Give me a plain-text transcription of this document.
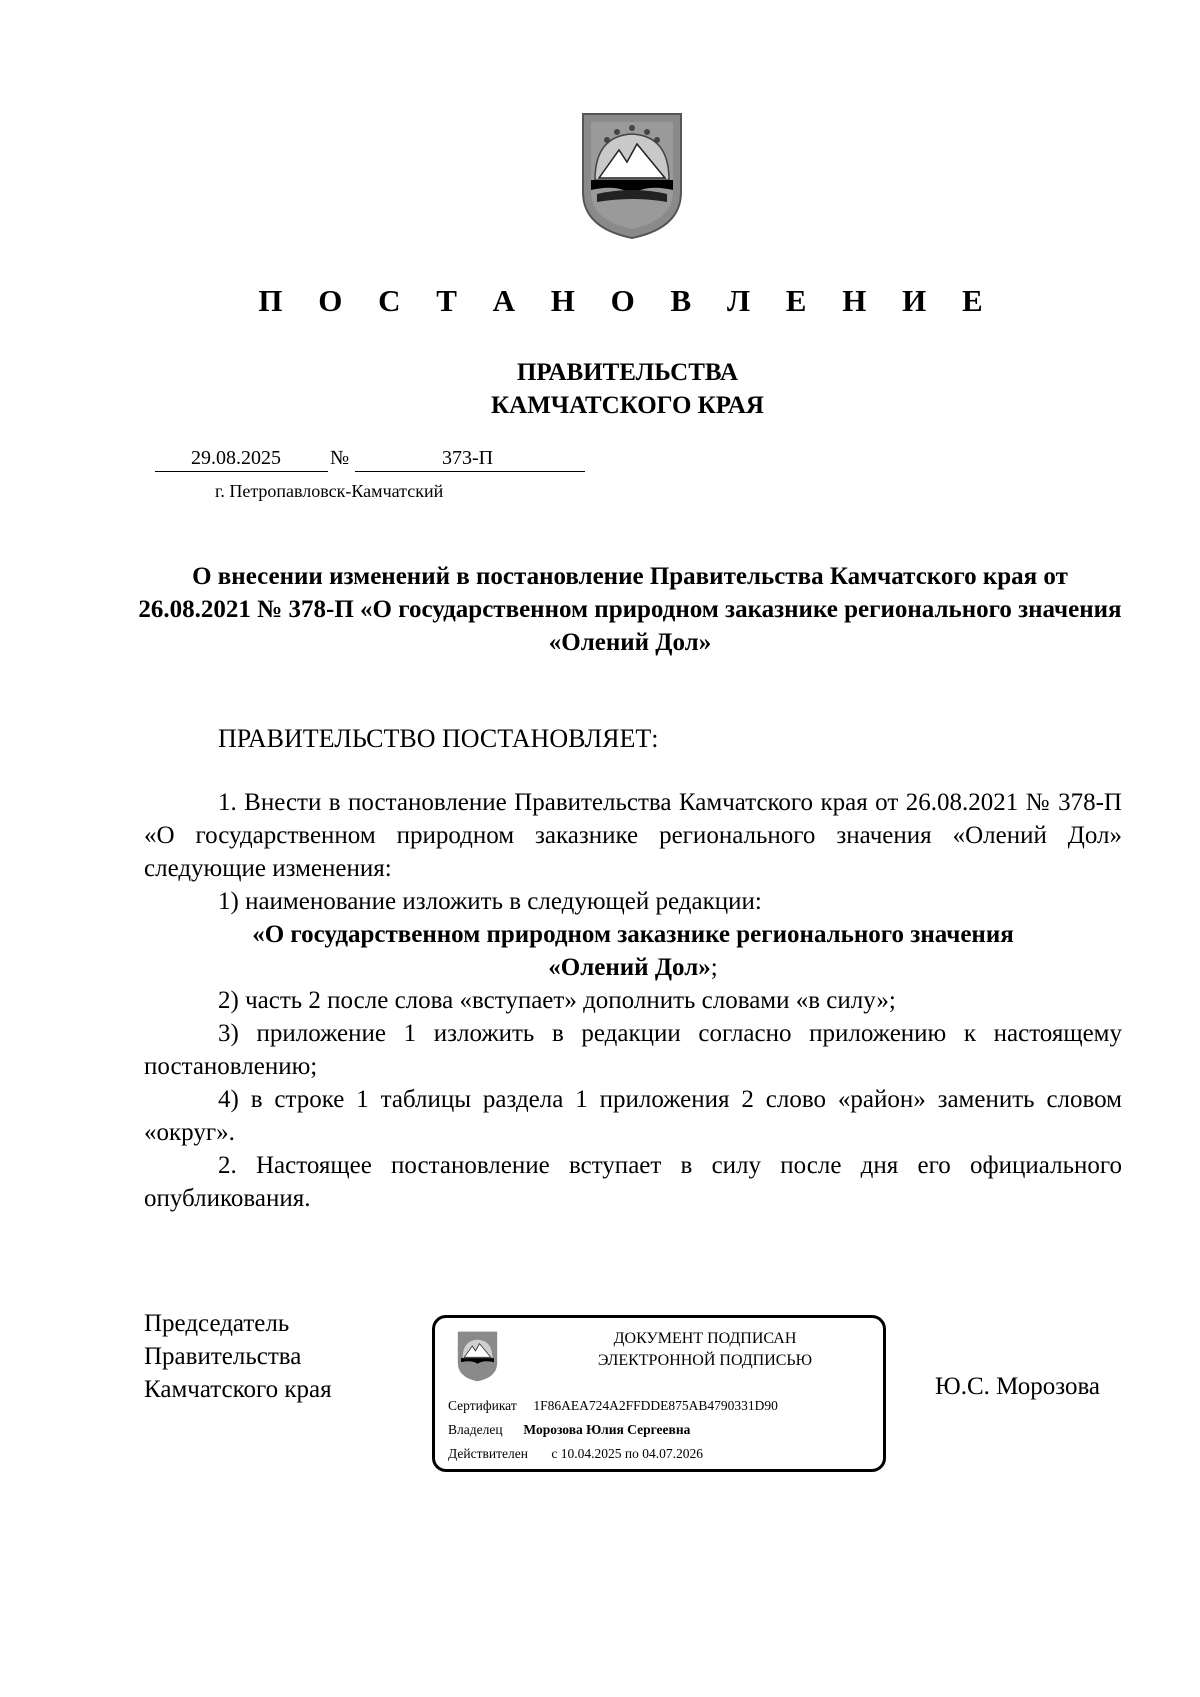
П О С Т А Н О В Л Е Н И Е
ПРАВИТЕЛЬСТВА
КАМЧАТСКОГО КРАЯ
29.08.2025 №	373-П
г. Петропавловск-Камчатский
О внесении изменений в постановление Правительства Камчатского края от 26.08.2021 № 378-П «О государственном природном заказнике регионального значения «Олений Дол»
ПРАВИТЕЛЬСТВО ПОСТАНОВЛЯЕТ:

1. Внести в постановление Правительства Камчатского края от 26.08.2021 № 378-П «О государственном природном заказнике регионального значения «Олений Дол» следующие изменения:

1) наименование изложить в следующей редакции:

«О государственном природном заказнике регионального значения

«Олений Дол»;

2) часть 2 после слова «вступает» дополнить словами «в силу»;

3) приложение 1 изложить в редакции согласно приложению к настоящему постановлению;

4) в строке 1 таблицы раздела 1 приложения 2 слово «район» заменить словом «округ».

2. Настоящее постановление вступает в силу после дня его официального опубликования.

Председатель
Правительства
Камчатского края
ДОКУМЕНТ ПОДПИСАН
ЭЛЕКТРОННОЙ ПОДПИСЬЮ
Сертификат 1F86AEA724A2FFDDE875AB4790331D90
Владелец Морозова Юлия Сергеевна
Действителен с 10.04.2025 по 04.07.2026
Ю.С. Морозова
